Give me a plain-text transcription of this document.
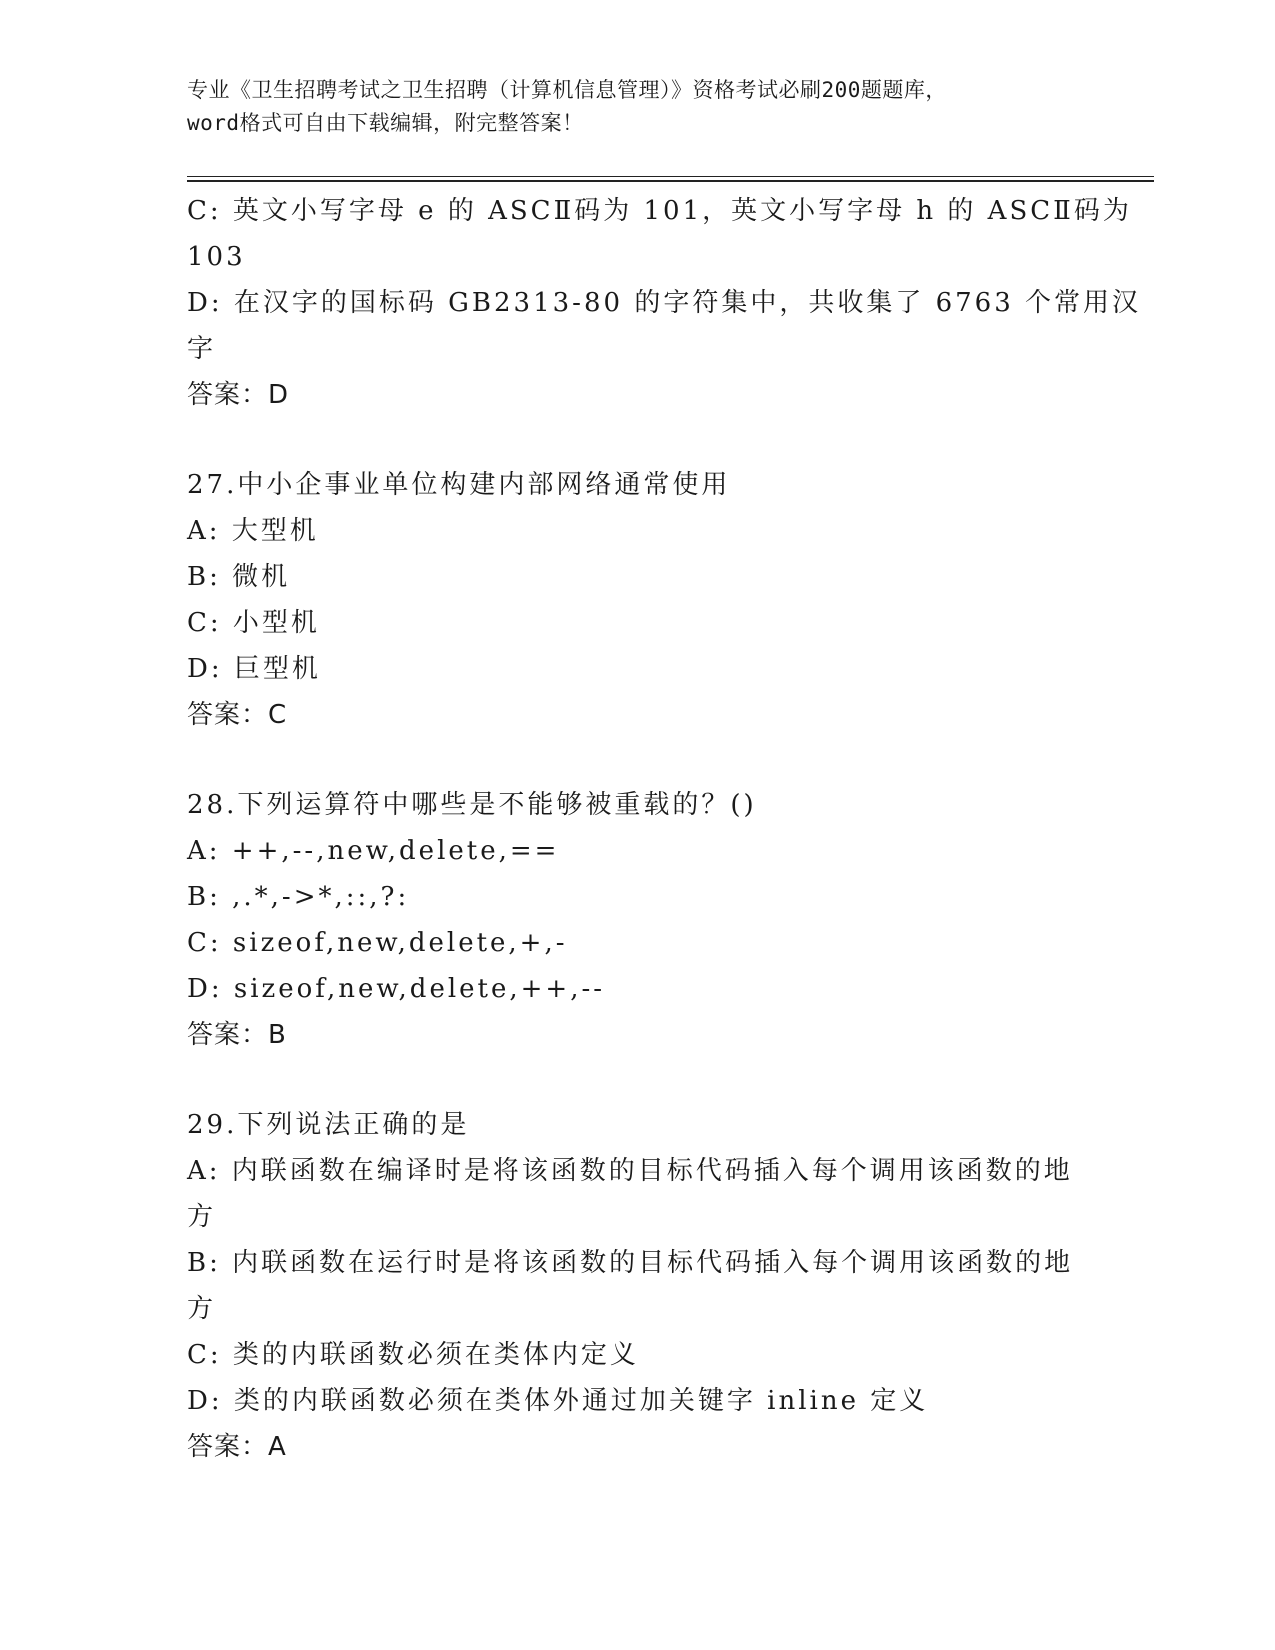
专业《卫生招聘考试之卫生招聘（计算机信息管理）》资格考试必刷200题题库，
word格式可自由下载编辑，附完整答案！
C: 英文小写字母 e 的 ASCⅡ码为 101，英文小写字母 h 的 ASCⅡ码为
103
D: 在汉字的国标码 GB2313-80 的字符集中，共收集了 6763 个常用汉
字
答案：D
27.中小企事业单位构建内部网络通常使用
A: 大型机
B: 微机
C: 小型机
D: 巨型机
答案：C
28.下列运算符中哪些是不能够被重载的？()
A: ++,--,new,delete,==
B: ,.*,->*,::,?:
C: sizeof,new,delete,+,-
D: sizeof,new,delete,++,--
答案：B
29.下列说法正确的是
A: 内联函数在编译时是将该函数的目标代码插入每个调用该函数的地
方
B: 内联函数在运行时是将该函数的目标代码插入每个调用该函数的地
方
C: 类的内联函数必须在类体内定义
D: 类的内联函数必须在类体外通过加关键字 inline 定义
答案：A
